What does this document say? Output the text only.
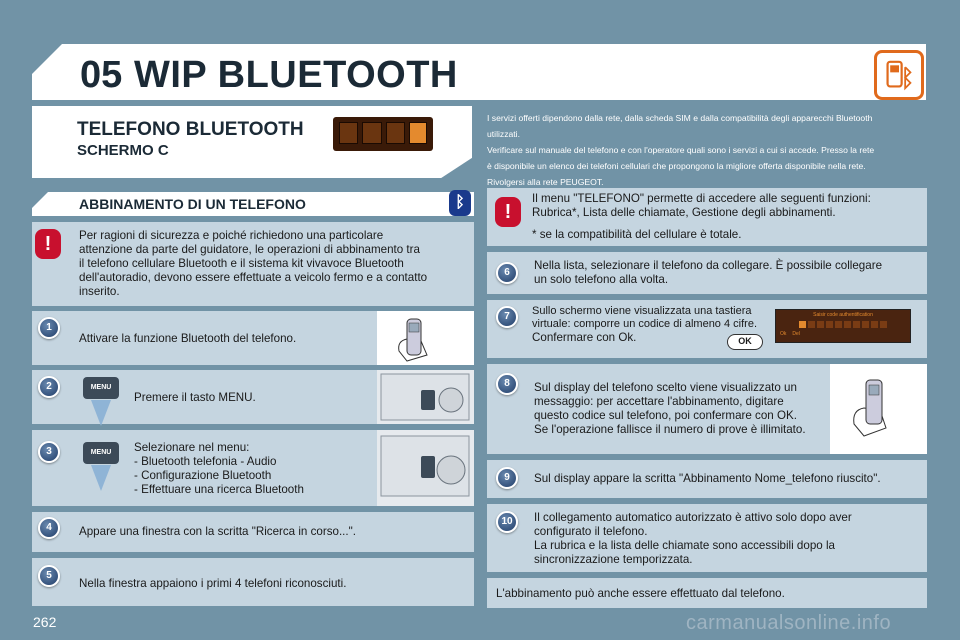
05 WIP BLUETOOTH
TELEFONO BLUETOOTH
SCHERMO C
I servizi offerti dipendono dalla rete, dalla scheda SIM e dalla compatibilità degli apparecchi Bluetooth
utilizzati.
Verificare sul manuale del telefono e con l'operatore quali sono i servizi a cui si accede. Presso la rete
è disponibile un elenco dei telefoni cellulari che propongono la migliore offerta disponibile nella rete.
Rivolgersi alla rete PEUGEOT.
ABBINAMENTO DI UN TELEFONO	ᛒ
!	Per ragioni di sicurezza e poiché richiedono una particolare
attenzione da parte del guidatore, le operazioni di abbinamento tra
il telefono cellulare Bluetooth e il sistema kit vivavoce Bluetooth
dell'autoradio, devono essere effettuate a veicolo fermo e a contatto
inserito.
1
Attivare la funzione Bluetooth del telefono.
2	MENU
Premere il tasto MENU.
3	MENU	Selezionare nel menu:
- Bluetooth telefonia - Audio
- Configurazione Bluetooth
- Effettuare una ricerca Bluetooth
4	Appare una finestra con la scritta "Ricerca in corso...".
5
Nella finestra appaiono i primi 4 telefoni riconosciuti.
!
Il menu "TELEFONO" permette di accedere alle seguenti funzioni:
Rubrica*, Lista delle chiamate, Gestione degli abbinamenti.
* se la compatibilità del cellulare è totale.
6
Nella lista, selezionare il telefono da collegare. È possibile collegare
un solo telefono alla volta.
7	Sullo schermo viene visualizzata una tastiera
virtuale: comporre un codice di almeno 4 cifre.
Confermare con Ok.
Saisir code authentification
Ok Del
OK
8	Sul display del telefono scelto viene visualizzato un
messaggio: per accettare l'abbinamento, digitare
questo codice sul telefono, poi confermare con OK.
Se l'operazione fallisce il numero di prove è illimitato.
9	Sul display appare la scritta "Abbinamento Nome_telefono riuscito".
10	Il collegamento automatico autorizzato è attivo solo dopo aver
configurato il telefono.
La rubrica e la lista delle chiamate sono accessibili dopo la
sincronizzazione temporizzata.
L'abbinamento può anche essere effettuato dal telefono.
262	carmanualsonline.info
